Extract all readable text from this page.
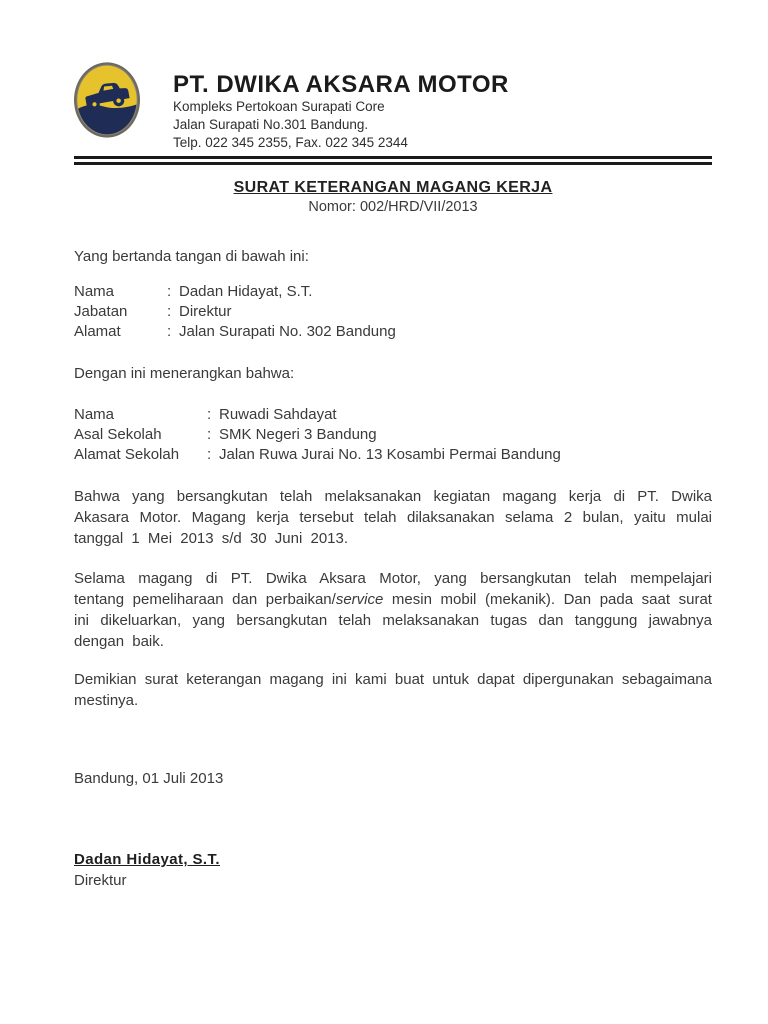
PT. DWIKA AKSARA MOTOR
Kompleks Pertokoan Surapati Core
Jalan Surapati No.301 Bandung.
Telp. 022 345 2355, Fax. 022 345 2344
SURAT KETERANGAN MAGANG KERJA
Nomor: 002/HRD/VII/2013
Yang bertanda tangan di bawah ini:
Nama	: Dadan Hidayat, S.T.
Jabatan	: Direktur
Alamat	: Jalan Surapati No. 302 Bandung
Dengan ini menerangkan bahwa:
Nama	: Ruwadi Sahdayat
Asal Sekolah	: SMK Negeri 3 Bandung
Alamat Sekolah	: Jalan Ruwa Jurai No. 13 Kosambi Permai Bandung
Bahwa yang bersangkutan telah melaksanakan kegiatan magang kerja di PT. Dwika Akasara Motor. Magang kerja tersebut telah dilaksanakan selama 2 bulan, yaitu mulai tanggal 1 Mei 2013 s/d 30 Juni 2013.
Selama magang di PT. Dwika Aksara Motor, yang bersangkutan telah mempelajari tentang pemeliharaan dan perbaikan/service mesin mobil (mekanik). Dan pada saat surat ini dikeluarkan, yang bersangkutan telah melaksanakan tugas dan tanggung jawabnya dengan baik.
Demikian surat keterangan magang ini kami buat untuk dapat dipergunakan sebagaimana mestinya.
Bandung, 01 Juli 2013
Dadan Hidayat, S.T.
Direktur
